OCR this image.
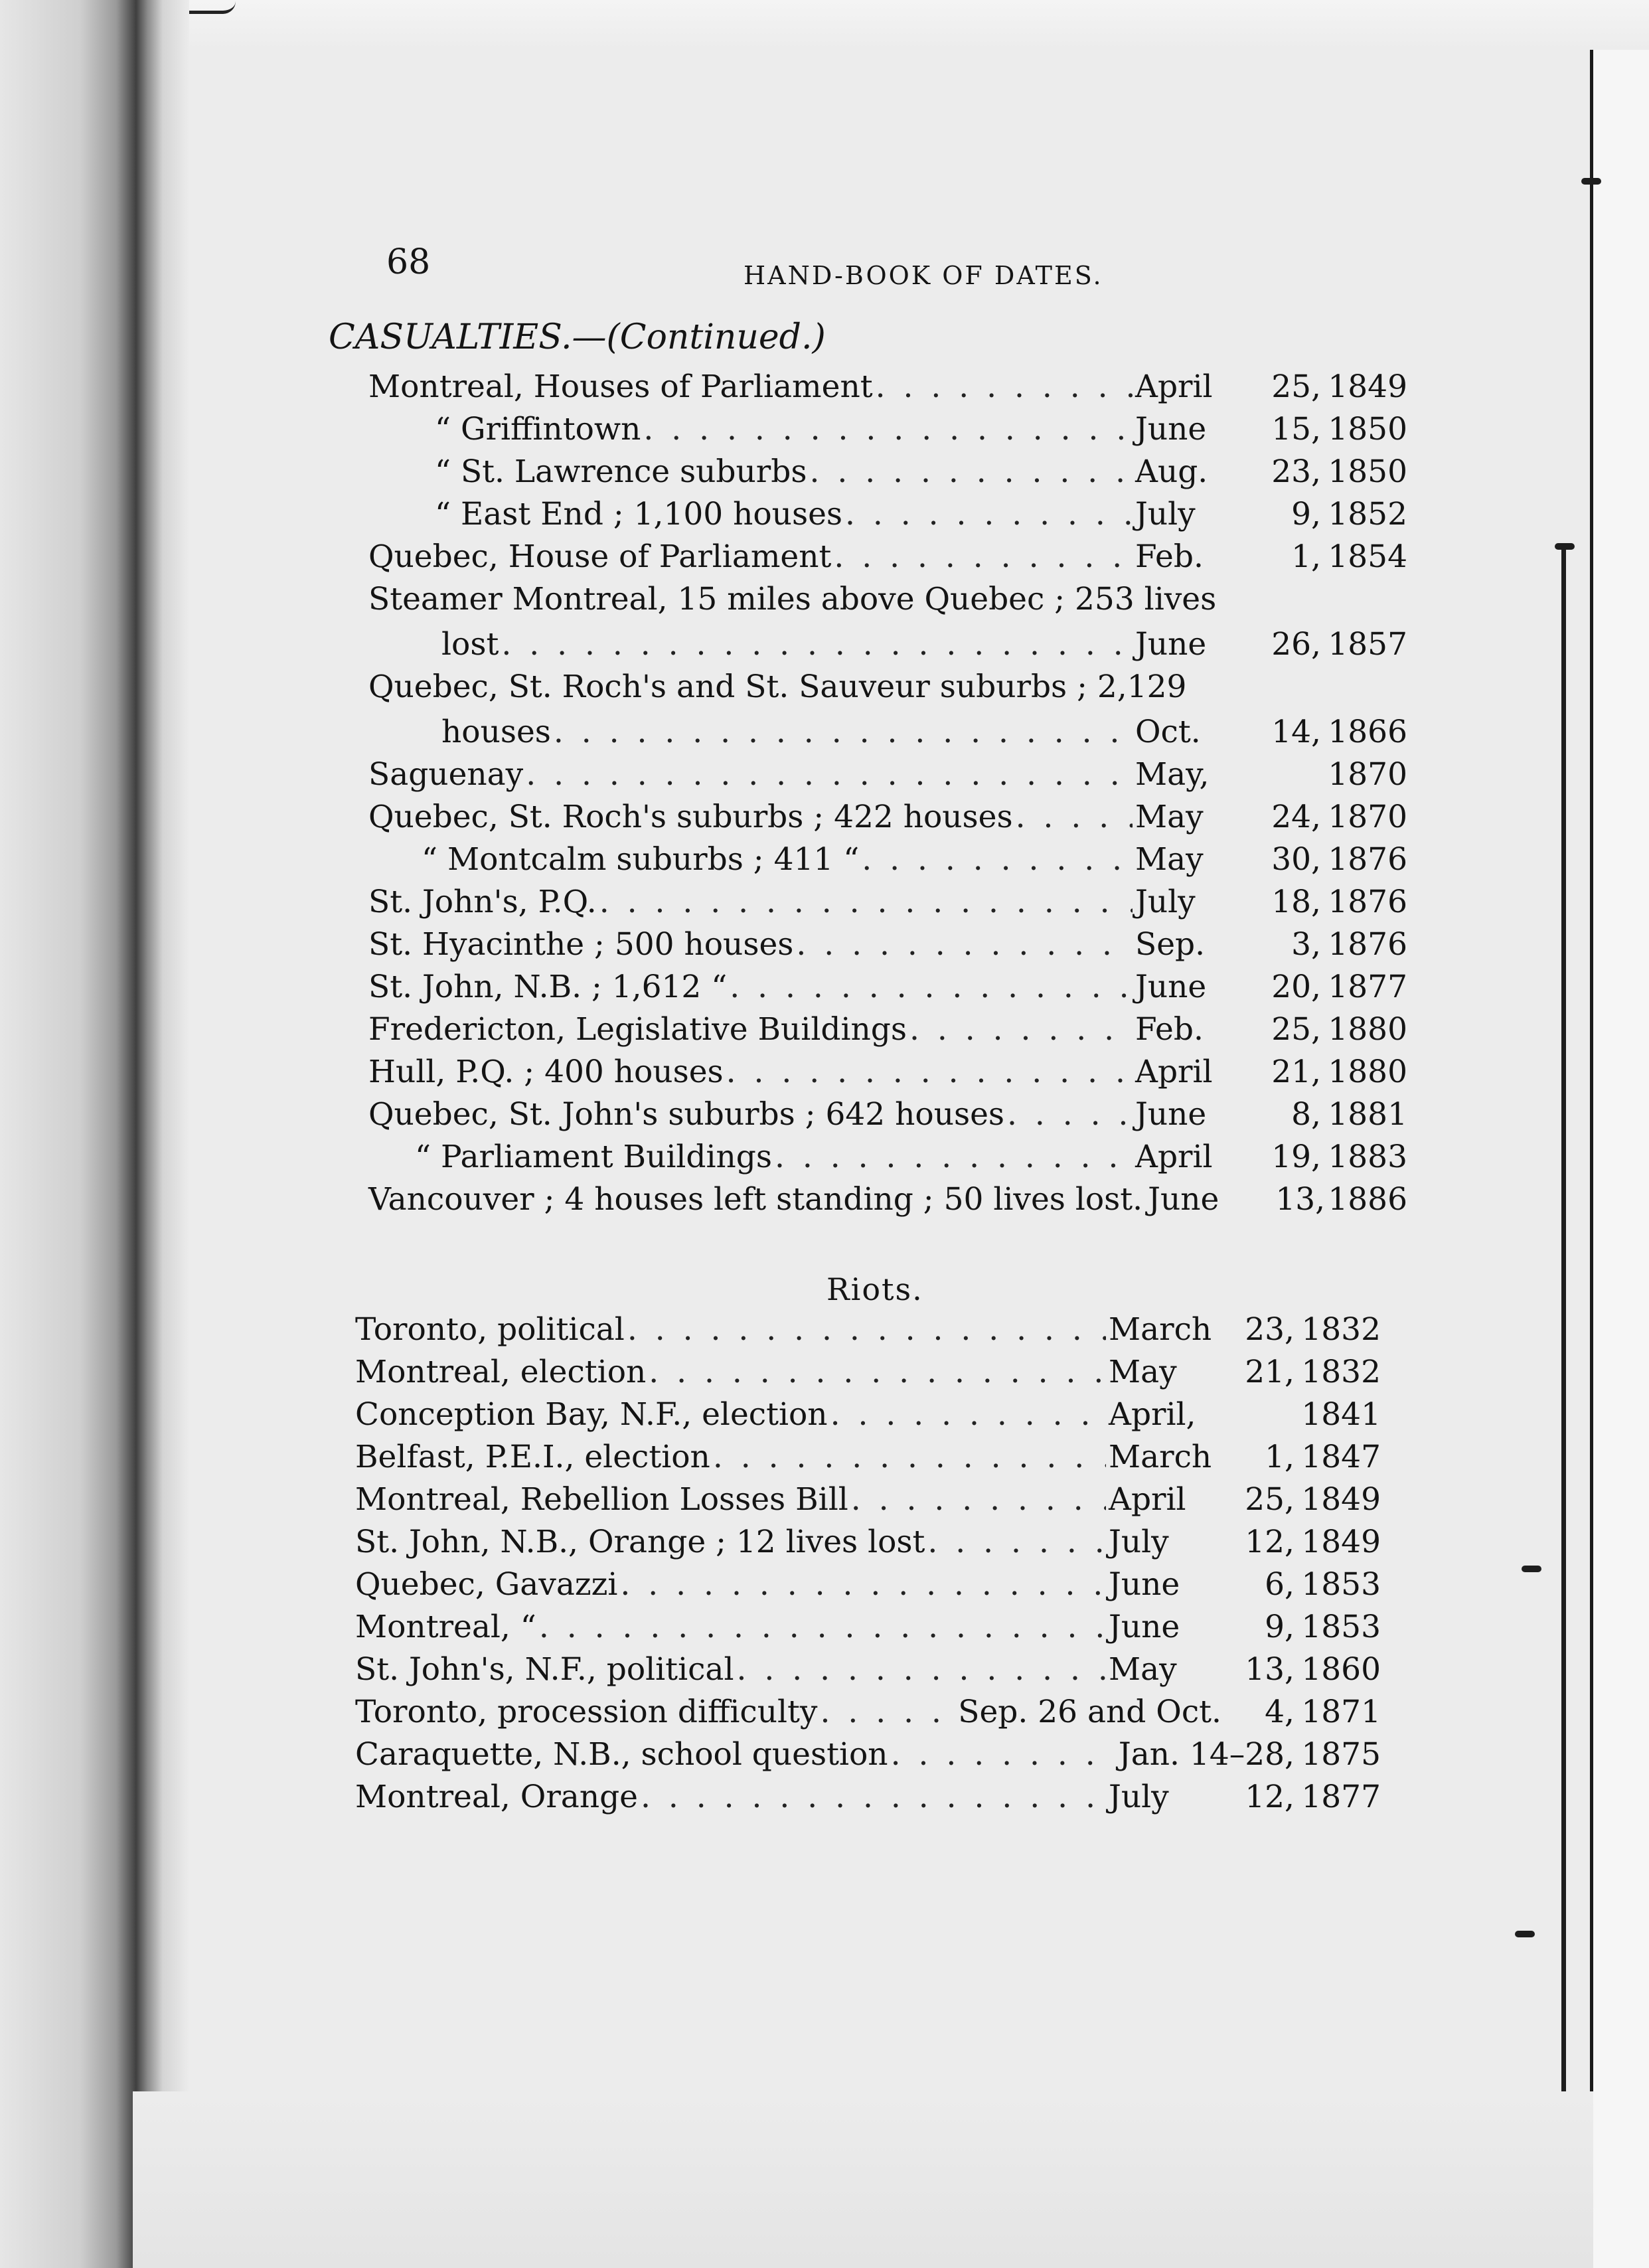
68	HAND-BOOK OF DATES.
CASUALTIES.—(Continued.)
Montreal, Houses of Parliament . . .	April	25, 1849
“ Griffintown . . .	June	15, 1850
“ St. Lawrence suburbs . . .	Aug.	23, 1850
“ East End ; 1,100 houses . . .	July	9, 1852
Quebec, House of Parliament . . .	Feb.	1, 1854
Steamer Montreal, 15 miles above Quebec ; 253 lives
lost . . .	June	26, 1857
Quebec, St. Roch's and St. Sauveur suburbs ; 2,129
houses . . .	Oct.	14, 1866
Saguenay . . .	May,	1870
Quebec, St. Roch's suburbs ; 422 houses . . .	May	24, 1870
“ Montcalm suburbs ; 411 “ . . .	May	30, 1876
St. John's, P.Q. . . .	July	18, 1876
St. Hyacinthe ; 500 houses . . .	Sep.	3, 1876
St. John, N.B. ; 1,612 “ . . .	June	20, 1877
Fredericton, Legislative Buildings . . .	Feb.	25, 1880
Hull, P.Q. ; 400 houses . . .	April	21, 1880
Quebec, St. John's suburbs ; 642 houses . . .	June	8, 1881
“ Parliament Buildings . . .	April	19, 1883
Vancouver ; 4 houses left standing ; 50 lives lost. June	13, 1886
Riots.
Toronto, political . . .	March	23, 1832
Montreal, election . . .	May	21, 1832
Conception Bay, N.F., election . . .	April,	1841
Belfast, P.E.I., election . . .	March	1, 1847
Montreal, Rebellion Losses Bill . . .	April	25, 1849
St. John, N.B., Orange ; 12 lives lost . . .	July	12, 1849
Quebec, Gavazzi . . .	June	6, 1853
Montreal, “ . . .	June	9, 1853
St. John's, N.F., political . . .	May	13, 1860
Toronto, procession difficulty . . .	Sep. 26 and Oct.	4, 1871
Caraquette, N.B., school question . . .	Jan. 14–28, 1875
Montreal, Orange . . .	July	12, 1877
